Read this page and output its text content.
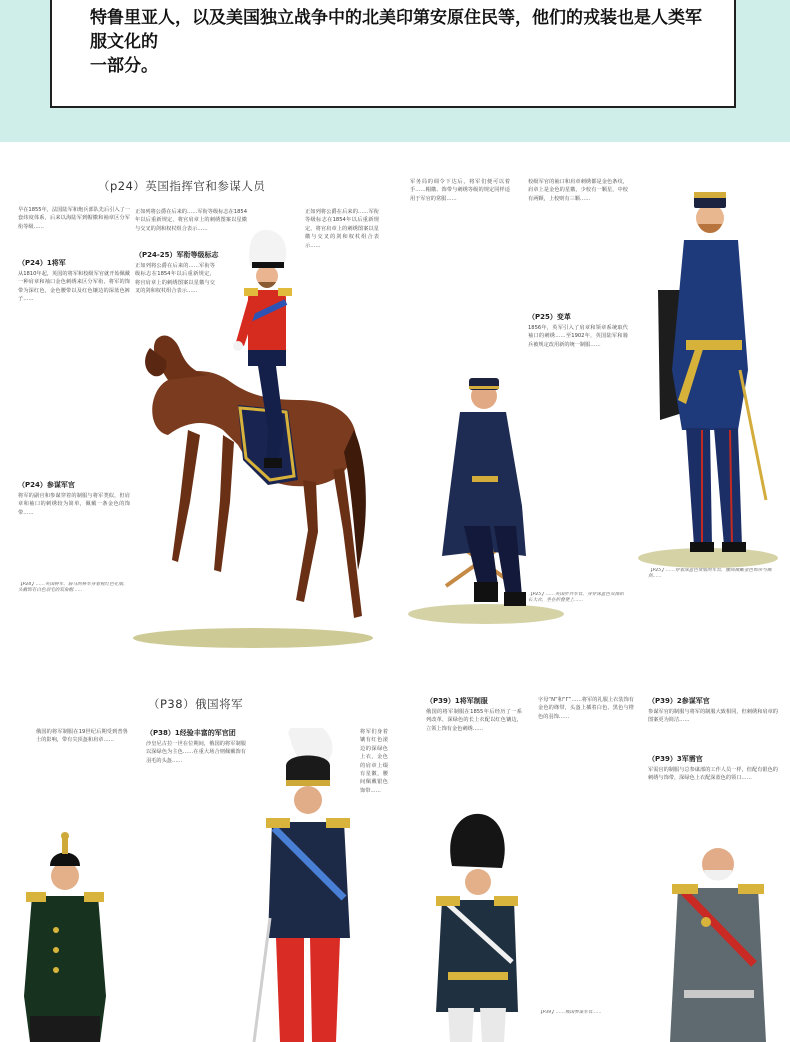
特鲁里亚人，以及美国独立战争中的北美印第安原住民等，他们的戎装也是人类军服文化的
一部分。
（p24）英国指挥官和参谋人员
早在1855年，法国陆军和炮兵部队先后引入了一套纬度体系，后来以海陆军到帽徽和袖章区分军衔等级……
（P24）1将军
从1810年起，英国的将军和校级军官就开始佩戴一种肩章和袖口金色刺绣来区分军衔，将军的饰带为深红色，金色腰带以及红色镶边的深蓝色裤子……
（P24-25）军衔等级标志
正如列将公爵在后来的……军衔等级标志在1854年以后重新规定，将官肩章上的刺绣图案以星徽与交叉的剑和权杖组合表示……
正如列将公爵在后来的……军衔等级标志在1854年以后重新规定，将官肩章上的刺绣图案以星徽与交叉的剑和权杖组合表示……
正如列将公爵在后来的……军衔等级标志在1854年以后重新规定，将官肩章上的刺绣图案以星徽与交叉的剑和权杖组合表示……
（P24）参谋军官
将军的副官和参谋穿着的制服与将军类似，但肩章和袖口的刺绣较为简单，佩戴一条金色的饰带……
【P24】……英国将军，骑马的将军身着猩红色礼服，头戴饰有白色羽毛的双角帽……
军务局的调令下达后，将军们便可以着手……帽徽、饰带与刺绣等级的规定同样适用于军官的常服……
校级军官的袖口和肩章刺绣都是金色条纹，肩章上是金色的星徽，少校有一颗星，中校有两颗，上校则有三颗……
（P25）变革
1856年，英军引入了肩章和领章系统取代袖口的刺绣……至1902年，英国陆军和骑兵被规定改用新的统一制服……
【P25】……英国步兵军官，身穿深蓝色双排扣长大衣，坐在折叠凳上……
【P25】……穿着深蓝色常服的军官，腰间佩戴金色饰带与佩剑……
（P38）俄国将军
俄国的将军制服在19世纪后期受到普鲁士的影响，带有尖顶盔和肩章……
（P38）1经验丰富的军官团
沙皇尼古拉一世在位期间，俄国的将军制服以深绿色为主色……在重大场合则佩戴饰有羽毛的头盔……
将军们身着镶有红色滚边的深绿色上衣，金色的肩章上缀有星徽，腰间佩戴银色饰带……
（P39）1将军制服
俄国的将军制服在1855年后经历了一系列改革，深绿色的长上衣配以红色镶边，立领上饰有金色刺绣……
字母“N”和“Г”……将军的礼服上衣装饰有金色的绦带，头盔上插着白色、黑色与橙色的羽饰……
（P39）2参谋军官
参谋军官的制服与将军的制服大致相同，但刺绣和肩章的图案更为简洁……
（P39）3军需官
军需官的制服与总参谋部的工作人员一样，但配有银色的刺绣与饰带，深绿色上衣配深蓝色的领口……
【P39】……俄国参谋军官……
